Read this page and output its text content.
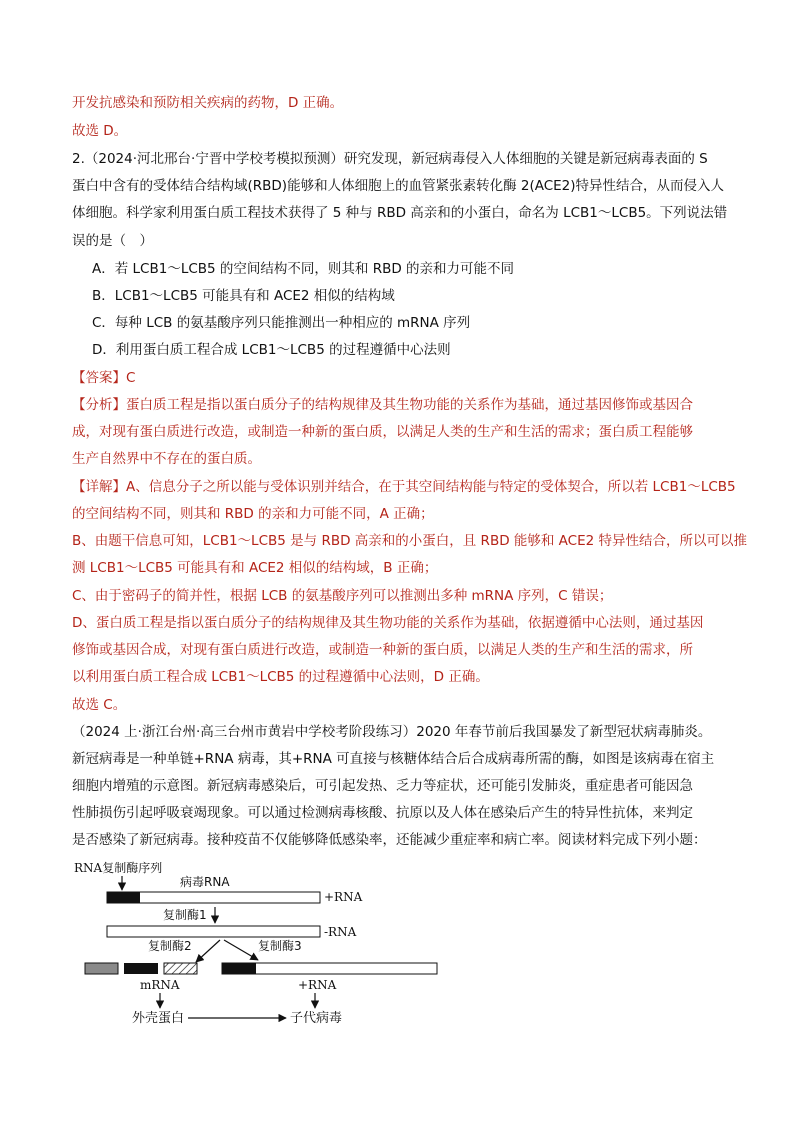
开发抗感染和预防相关疾病的药物，D 正确。
故选 D。
2.（2024·河北邢台·宁晋中学校考模拟预测）研究发现，新冠病毒侵入人体细胞的关键是新冠病毒表面的 S
蛋白中含有的受体结合结构域(RBD)能够和人体细胞上的血管紧张素转化酶 2(ACE2)特异性结合，从而侵入人
体细胞。科学家利用蛋白质工程技术获得了 5 种与 RBD 高亲和的小蛋白，命名为 LCB1～LCB5。下列说法错
误的是（　）
A．若 LCB1～LCB5 的空间结构不同，则其和 RBD 的亲和力可能不同
B．LCB1～LCB5 可能具有和 ACE2 相似的结构域
C．每种 LCB 的氨基酸序列只能推测出一种相应的 mRNA 序列
D．利用蛋白质工程合成 LCB1～LCB5 的过程遵循中心法则
【答案】C
【分析】蛋白质工程是指以蛋白质分子的结构规律及其生物功能的关系作为基础，通过基因修饰或基因合
成，对现有蛋白质进行改造，或制造一种新的蛋白质，以满足人类的生产和生活的需求；蛋白质工程能够
生产自然界中不存在的蛋白质。
【详解】A、信息分子之所以能与受体识别并结合，在于其空间结构能与特定的受体契合，所以若 LCB1～LCB5
的空间结构不同，则其和 RBD 的亲和力可能不同，A 正确；
B、由题干信息可知，LCB1～LCB5 是与 RBD 高亲和的小蛋白，且 RBD 能够和 ACE2 特异性结合，所以可以推
测 LCB1～LCB5 可能具有和 ACE2 相似的结构域，B 正确；
C、由于密码子的简并性，根据 LCB 的氨基酸序列可以推测出多种 mRNA 序列，C 错误；
D、蛋白质工程是指以蛋白质分子的结构规律及其生物功能的关系作为基础，依据遵循中心法则，通过基因
修饰或基因合成，对现有蛋白质进行改造，或制造一种新的蛋白质，以满足人类的生产和生活的需求，所
以利用蛋白质工程合成 LCB1～LCB5 的过程遵循中心法则，D 正确。
故选 C。
（2024 上·浙江台州·高三台州市黄岩中学校考阶段练习）2020 年春节前后我国暴发了新型冠状病毒肺炎。
新冠病毒是一种单链+RNA 病毒，其+RNA 可直接与核糖体结合后合成病毒所需的酶，如图是该病毒在宿主
细胞内增殖的示意图。新冠病毒感染后，可引起发热、乏力等症状，还可能引发肺炎，重症患者可能因急
性肺损伤引起呼吸衰竭现象。可以通过检测病毒核酸、抗原以及人体在感染后产生的特异性抗体，来判定
是否感染了新冠病毒。接种疫苗不仅能够降低感染率，还能减少重症率和病亡率。阅读材料完成下列小题：
RNA复制酶序列
病毒RNA
+RNA
复制酶1
-RNA
复制酶2	复制酶3
mRNA	+RNA
外壳蛋白	子代病毒
